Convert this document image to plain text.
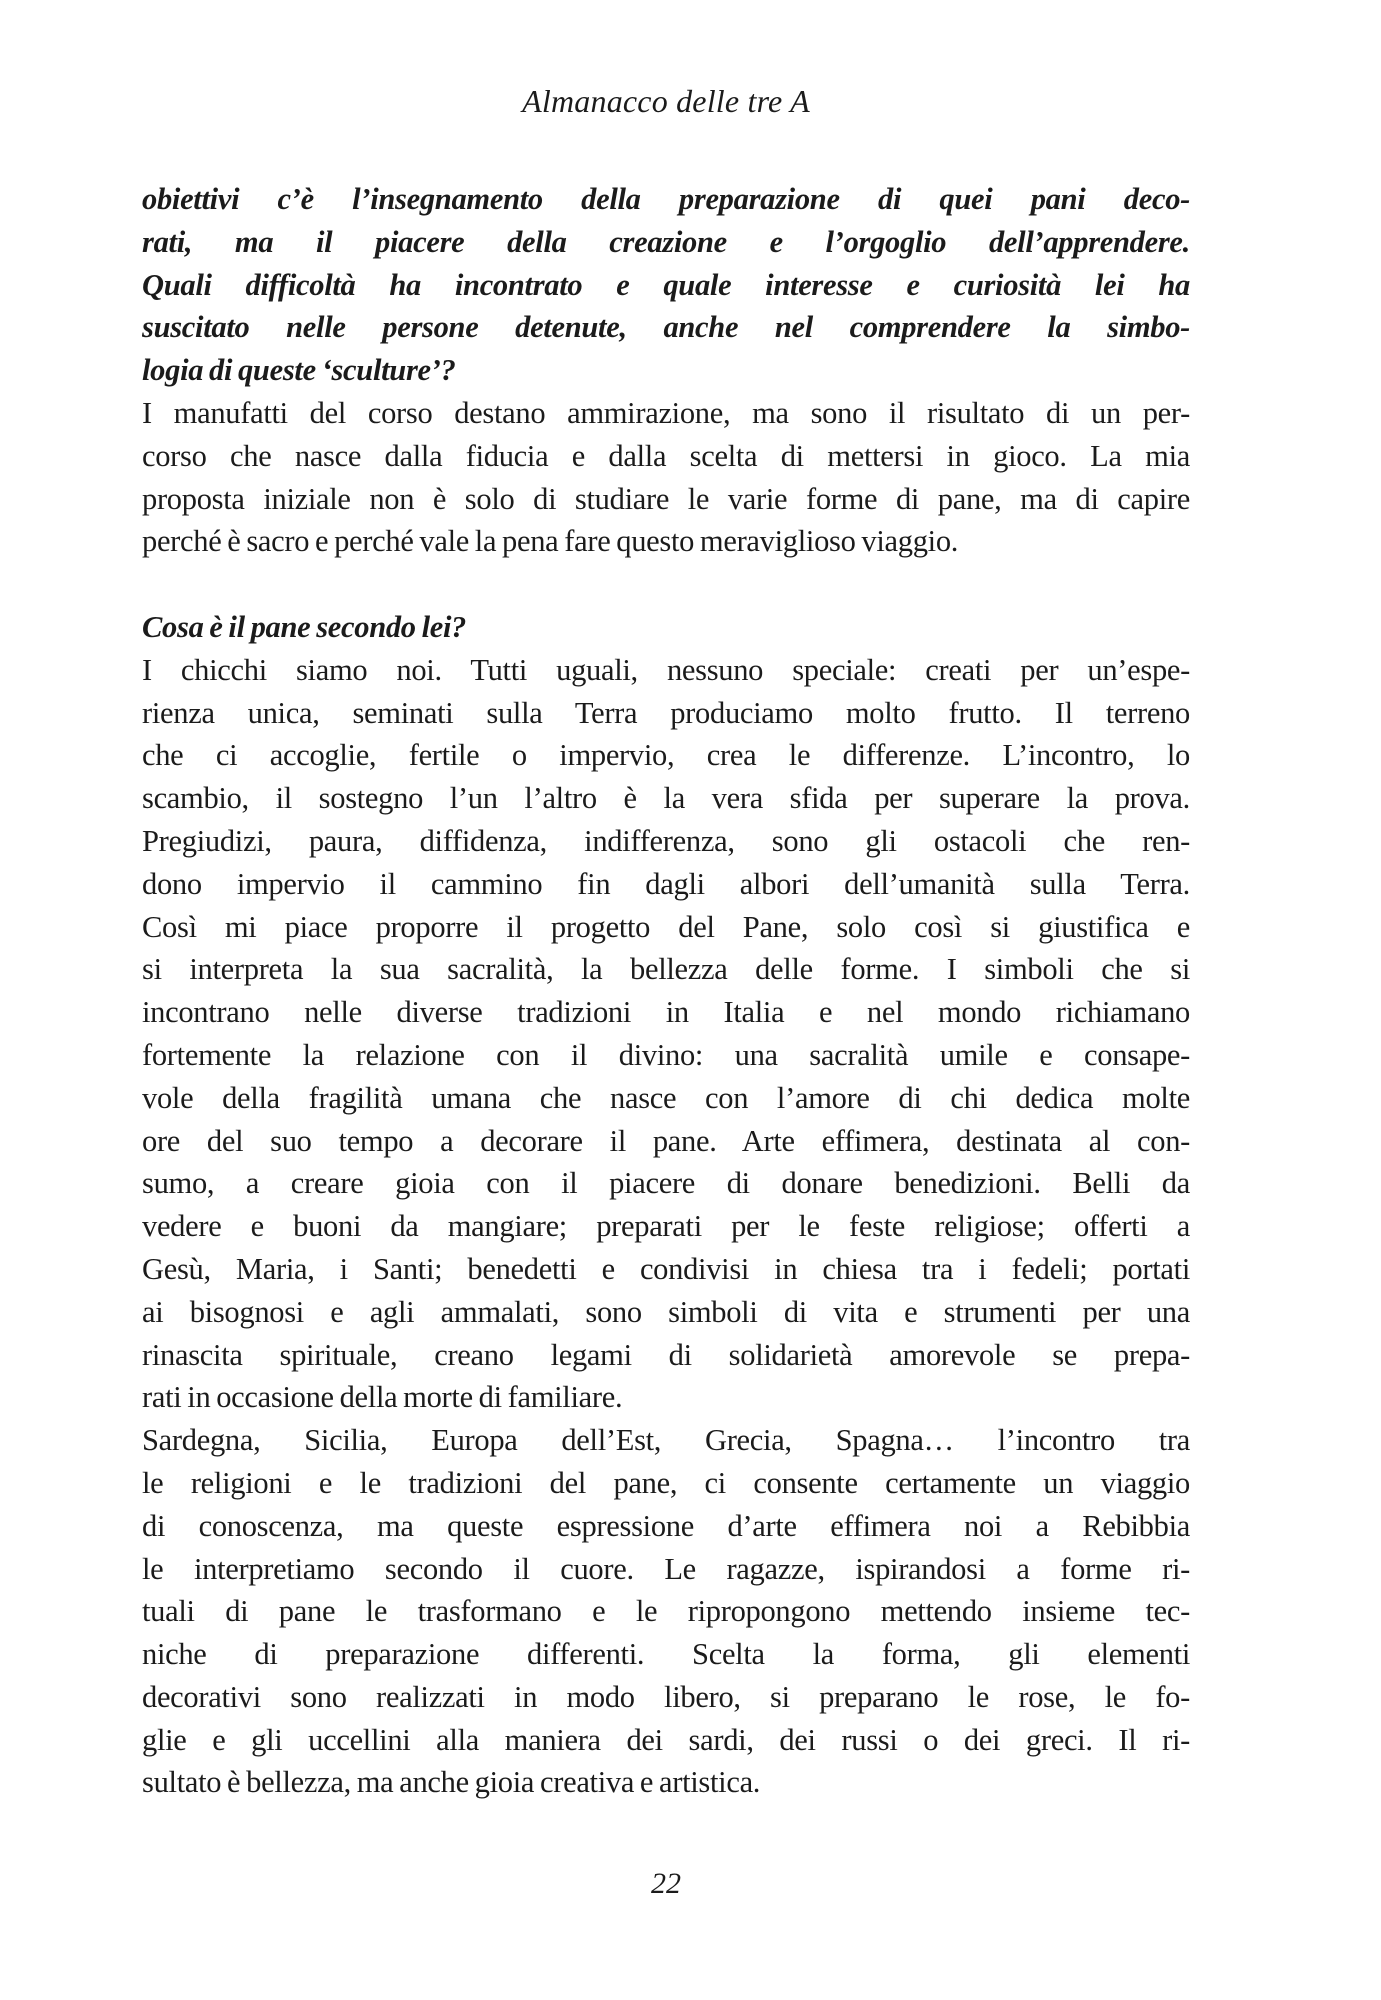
Almanacco delle tre A
obiettivi c’è l’insegnamento della preparazione di quei pani deco-
rati, ma il piacere della creazione e l’orgoglio dell’apprendere.
Quali difficoltà ha incontrato e quale interesse e curiosità lei ha
suscitato nelle persone detenute, anche nel comprendere la simbo-
logia di queste ‘sculture’?
I manufatti del corso destano ammirazione, ma sono il risultato di un per-
corso che nasce dalla fiducia e dalla scelta di mettersi in gioco. La mia
proposta iniziale non è solo di studiare le varie forme di pane, ma di capire
perché è sacro e perché vale la pena fare questo meraviglioso viaggio.
Cosa è il pane secondo lei?
I chicchi siamo noi. Tutti uguali, nessuno speciale: creati per un’espe-
rienza unica, seminati sulla Terra produciamo molto frutto. Il terreno
che ci accoglie, fertile o impervio, crea le differenze. L’incontro, lo
scambio, il sostegno l’un l’altro è la vera sfida per superare la prova.
Pregiudizi, paura, diffidenza, indifferenza, sono gli ostacoli che ren-
dono impervio il cammino fin dagli albori dell’umanità sulla Terra.
Così mi piace proporre il progetto del Pane, solo così si giustifica e
si interpreta la sua sacralità, la bellezza delle forme. I simboli che si
incontrano nelle diverse tradizioni in Italia e nel mondo richiamano
fortemente la relazione con il divino: una sacralità umile e consape-
vole della fragilità umana che nasce con l’amore di chi dedica molte
ore del suo tempo a decorare il pane. Arte effimera, destinata al con-
sumo, a creare gioia con il piacere di donare benedizioni. Belli da
vedere e buoni da mangiare; preparati per le feste religiose; offerti a
Gesù, Maria, i Santi; benedetti e condivisi in chiesa tra i fedeli; portati
ai bisognosi e agli ammalati, sono simboli di vita e strumenti per una
rinascita spirituale, creano legami di solidarietà amorevole se prepa-
rati in occasione della morte di familiare.
Sardegna, Sicilia, Europa dell’Est, Grecia, Spagna… l’incontro tra
le religioni e le tradizioni del pane, ci consente certamente un viaggio
di conoscenza, ma queste espressione d’arte effimera noi a Rebibbia
le interpretiamo secondo il cuore. Le ragazze, ispirandosi a forme ri-
tuali di pane le trasformano e le ripropongono mettendo insieme tec-
niche di preparazione differenti. Scelta la forma, gli elementi
decorativi sono realizzati in modo libero, si preparano le rose, le fo-
glie e gli uccellini alla maniera dei sardi, dei russi o dei greci. Il ri-
sultato è bellezza, ma anche gioia creativa e artistica.
22
